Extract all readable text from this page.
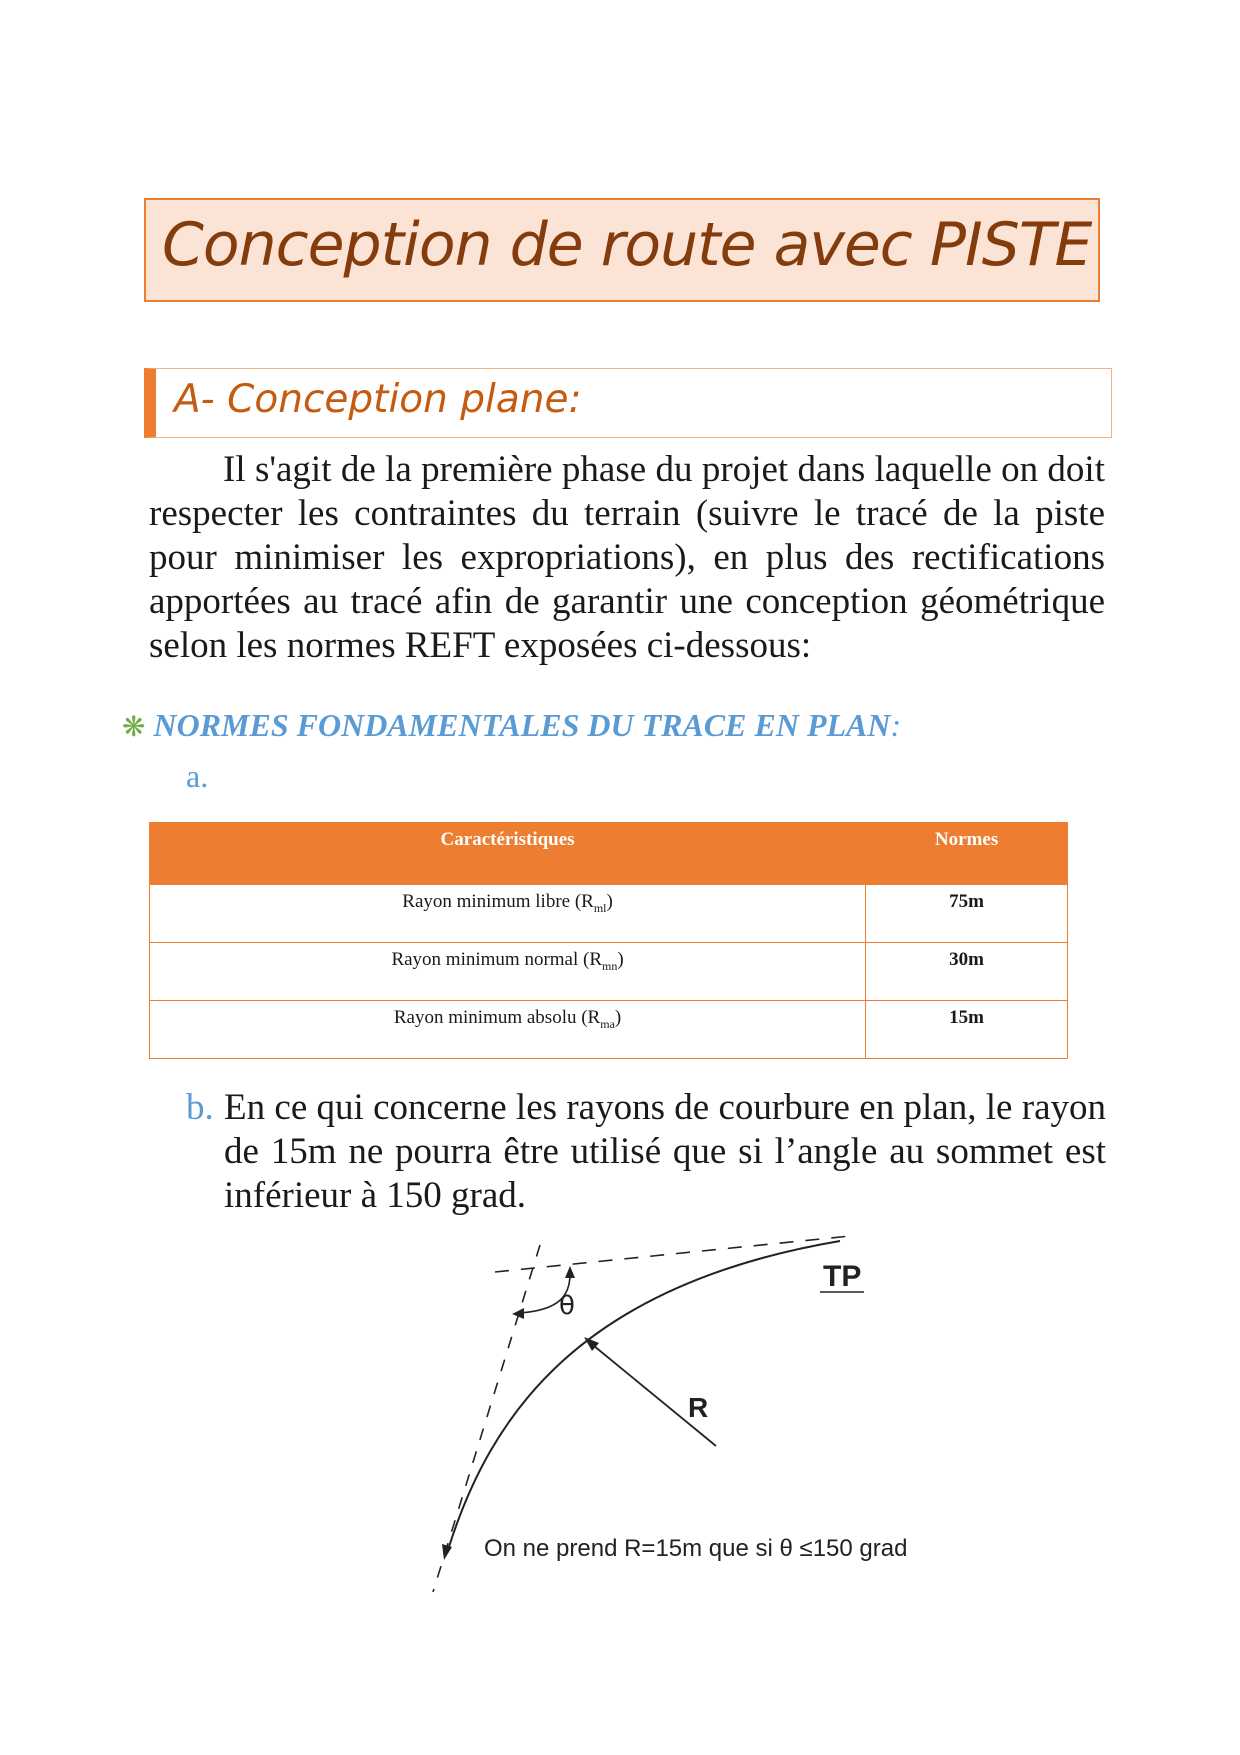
Conception de route avec PISTE
A- Conception plane:

Il s'agit de la première phase du projet dans laquelle on doit respecter les contraintes du terrain (suivre le tracé de la piste pour minimiser les expropriations), en plus des rectifications apportées au tracé afin de garantir une conception géométrique selon les normes REFT exposées ci-dessous:

❋ NORMES FONDAMENTALES DU TRACE EN PLAN:
a.
Caractéristiques	Normes
Rayon minimum libre $(R_{ml})$	75m
Rayon minimum normal $(R_{mn})$	30m
Rayon minimum absolu $(R_{ma})$	15m

b. En ce qui concerne les rayons de courbure en plan, le rayon de 15m ne pourra être utilisé que si l’angle au sommet est inférieur à 150 grad.

TP
θ
R
On ne prend R=15m que si θ ≤150 grad
